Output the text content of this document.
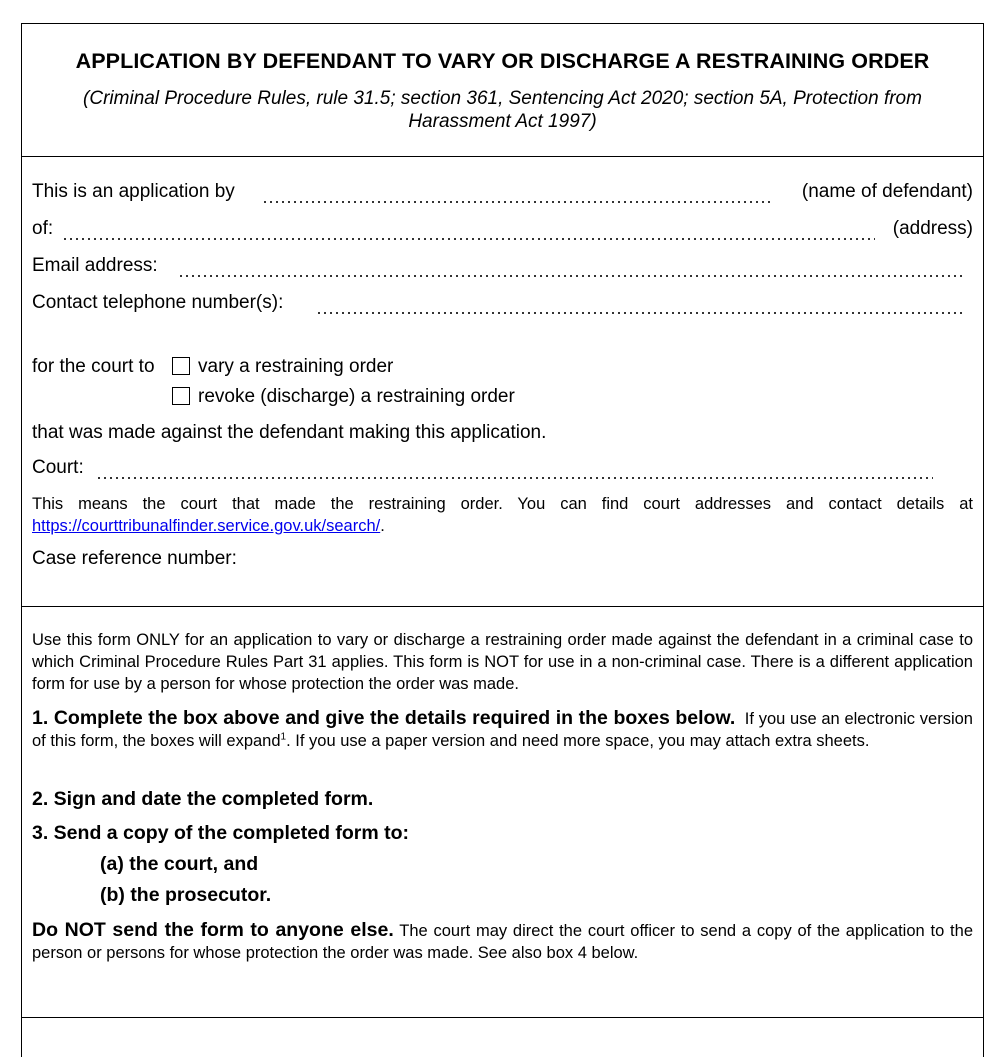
APPLICATION BY DEFENDANT TO VARY OR DISCHARGE A RESTRAINING ORDER
(Criminal Procedure Rules, rule 31.5; section 361, Sentencing Act 2020; section 5A, Protection from Harassment Act 1997)
This is an application by	(name of defendant)
of:	(address)
Email address:
Contact telephone number(s):
for the court to	vary a restraining order
revoke (discharge) a restraining order
that was made against the defendant making this application.
Court:
This means the court that made the restraining order. You can find court addresses and contact details at https://courttribunalfinder.service.gov.uk/search/.
Case reference number:
Use this form ONLY for an application to vary or discharge a restraining order made against the defendant in a criminal case to which Criminal Procedure Rules Part 31 applies. This form is NOT for use in a non-criminal case. There is a different application form for use by a person for whose protection the order was made.
1. Complete the box above and give the details required in the boxes below. If you use an electronic version of this form, the boxes will expand$^1$. If you use a paper version and need more space, you may attach extra sheets.
2. Sign and date the completed form.
3. Send a copy of the completed form to:
(a) the court, and
(b) the prosecutor.
Do NOT send the form to anyone else. The court may direct the court officer to send a copy of the application to the person or persons for whose protection the order was made. See also box 4 below.
